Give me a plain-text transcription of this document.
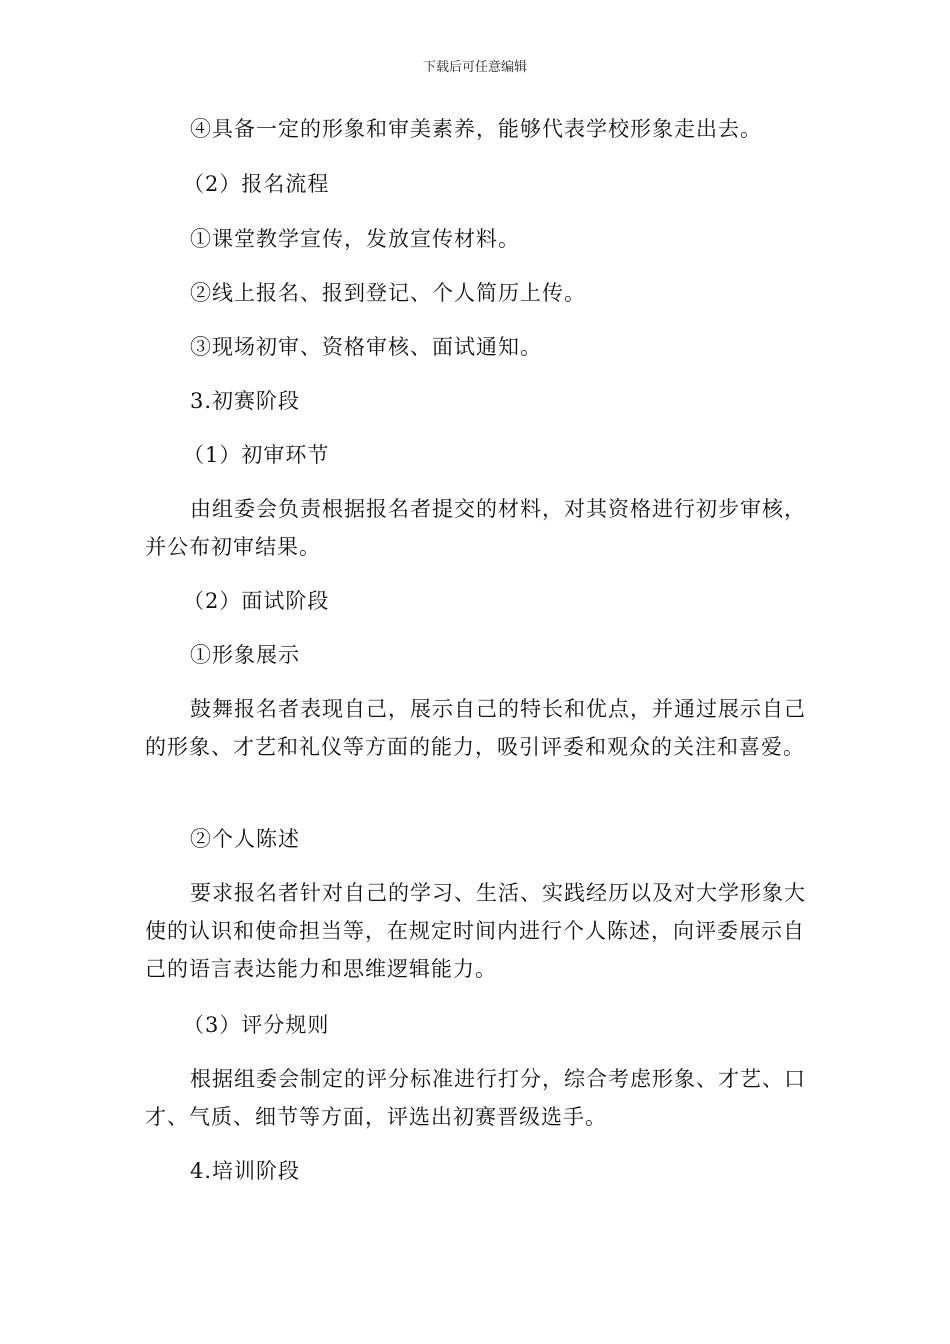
下载后可任意编辑
④具备一定的形象和审美素养，能够代表学校形象走出去。
（2）报名流程
①课堂教学宣传，发放宣传材料。
②线上报名、报到登记、个人简历上传。
③现场初审、资格审核、面试通知。
3.初赛阶段
（1）初审环节
由组委会负责根据报名者提交的材料，对其资格进行初步审核，并公布初审结果。
（2）面试阶段
①形象展示
鼓舞报名者表现自己，展示自己的特长和优点，并通过展示自己的形象、才艺和礼仪等方面的能力，吸引评委和观众的关注和喜爱。
②个人陈述
要求报名者针对自己的学习、生活、实践经历以及对大学形象大使的认识和使命担当等，在规定时间内进行个人陈述，向评委展示自己的语言表达能力和思维逻辑能力。
（3）评分规则
根据组委会制定的评分标准进行打分，综合考虑形象、才艺、口才、气质、细节等方面，评选出初赛晋级选手。
4.培训阶段
